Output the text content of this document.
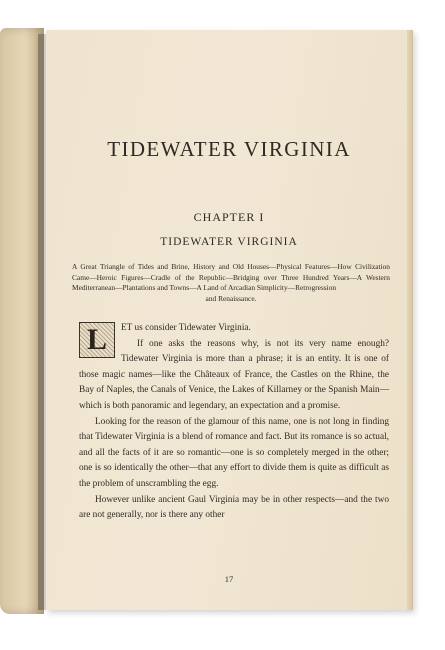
TIDEWATER VIRGINIA
CHAPTER I
TIDEWATER VIRGINIA
A Great Triangle of Tides and Brine, History and Old Houses—Physical Features—How Civilization Came—Heroic Figures—Cradle of the Republic—Bridging over Three Hundred Years—A Western Mediterranean—Plantations and Towns—A Land of Arcadian Simplicity—Retrogression
and Renaissance.

L	ET us consider Tidewater Virginia.

If one asks the reasons why, is not its very name enough? Tidewater Virginia is more than a phrase; it is an entity. It is one of those magic names—like the Châteaux of France, the Castles on the Rhine, the Bay of Naples, the Canals of Venice, the Lakes of Killarney or the Spanish Main—which is both panoramic and legendary, an expectation and a promise.

Looking for the reason of the glamour of this name, one is not long in finding that Tidewater Virginia is a blend of romance and fact. But its romance is so actual, and all the facts of it are so romantic—one is so completely merged in the other; one is so identically the other—that any effort to divide them is quite as difficult as the problem of unscrambling the egg.

However unlike ancient Gaul Virginia may be in other respects—and the two are not generally, nor is there any other

17
